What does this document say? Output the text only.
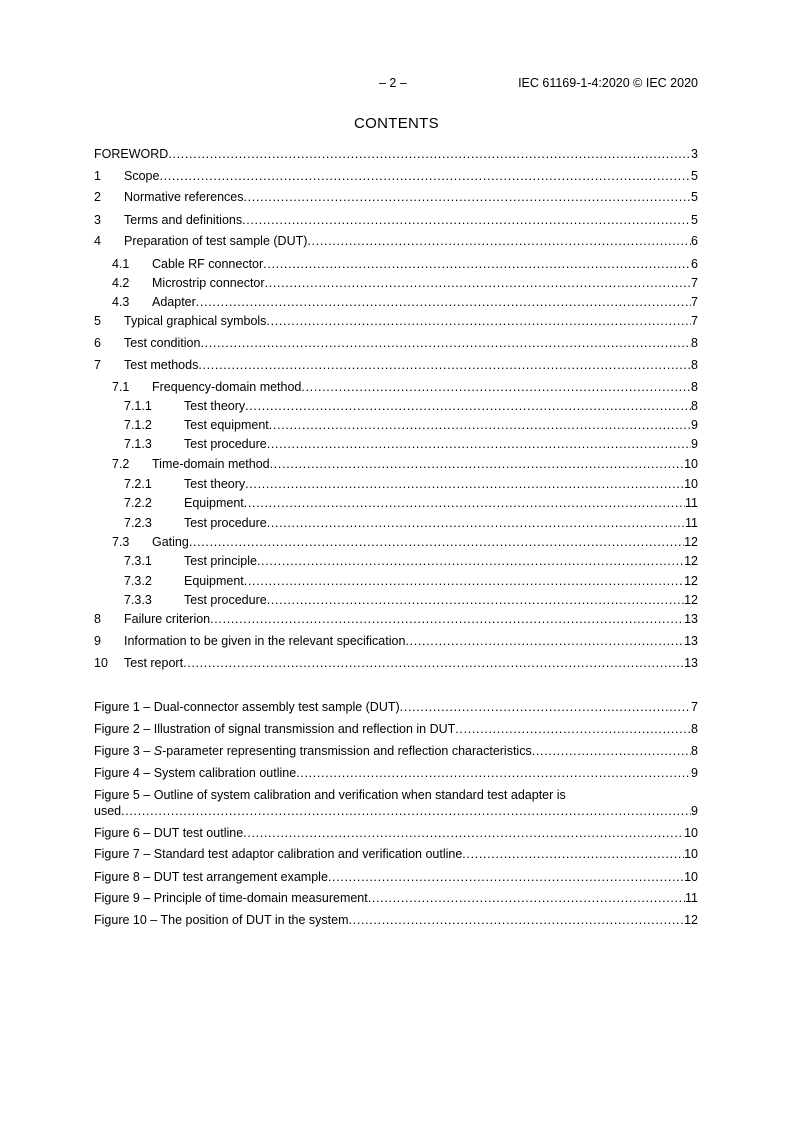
– 2 –	IEC 61169-1-4:2020 © IEC 2020
CONTENTS
FOREWORD . . .	3
1	Scope . . .	5
2	Normative references . . .	5
3	Terms and definitions . . .	5
4	Preparation of test sample (DUT) . . .	6
4.1	Cable RF connector . . .	6
4.2	Microstrip connector . . .	7
4.3	Adapter . . .	7
5	Typical graphical symbols . . .	7
6	Test condition . . .	8
7	Test methods . . .	8
7.1	Frequency-domain method . . .	8
7.1.1	Test theory . . .	8
7.1.2	Test equipment . . .	9
7.1.3	Test procedure . . .	9
7.2	Time-domain method . . .	10
7.2.1	Test theory . . .	10
7.2.2	Equipment . . .	11
7.2.3	Test procedure . . .	11
7.3	Gating . . .	12
7.3.1	Test principle . . .	12
7.3.2	Equipment . . .	12
7.3.3	Test procedure . . .	12
8	Failure criterion . . .	13
9	Information to be given in the relevant specification . . .	13
10	Test report . . .	13
Figure 1 – Dual-connector assembly test sample (DUT) . . .	7
Figure 2 – Illustration of signal transmission and reflection in DUT . . .	8
Figure 3 – S-parameter representing transmission and reflection characteristics . . .	8
Figure 4 – System calibration outline . . .	9
Figure 5 – Outline of system calibration and verification when standard test adapter is
used . . .	9
Figure 6 – DUT test outline . . .	10
Figure 7 – Standard test adaptor calibration and verification outline . . .	10
Figure 8 – DUT test arrangement example . . .	10
Figure 9 – Principle of time-domain measurement . . .	11
Figure 10 – The position of DUT in the system . . .	12
